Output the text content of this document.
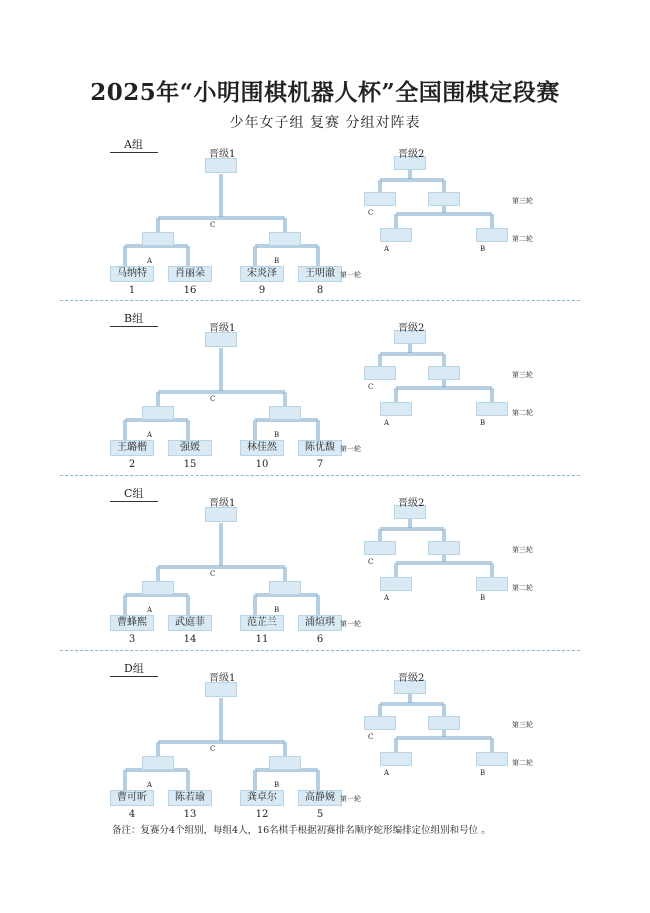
2025年“小明围棋机器人杯”全国围棋定段赛
少年女子组 复赛 分组对阵表
A组
晋级1
C
A	B
马纳特
1
肖丽朵
16
宋炎泽
9
王明澈
8
第一轮
晋级2
C
A	B
第三轮
第二轮
B组
晋级1
C
A	B
王璐楷
2
强媛
15
林佳然
10
陈优馥
7
第一轮
晋级2
C
A	B
第三轮
第二轮
C组
晋级1
C
A	B
曹蜂熙
3
武庭菲
14
范芷兰
11
浦煊琪
6
第一轮
晋级2
C
A	B
第三轮
第二轮
D组
晋级1
C
A	B
曹可昕
4
陈若瑜
13
龚卓尔
12
高静婉
5
第一轮
晋级2
C
A	B
第三轮
第二轮
备注：复赛分4个组别，每组4人，16名棋手根据初赛排名顺序蛇形编排定位组别和号位 。
